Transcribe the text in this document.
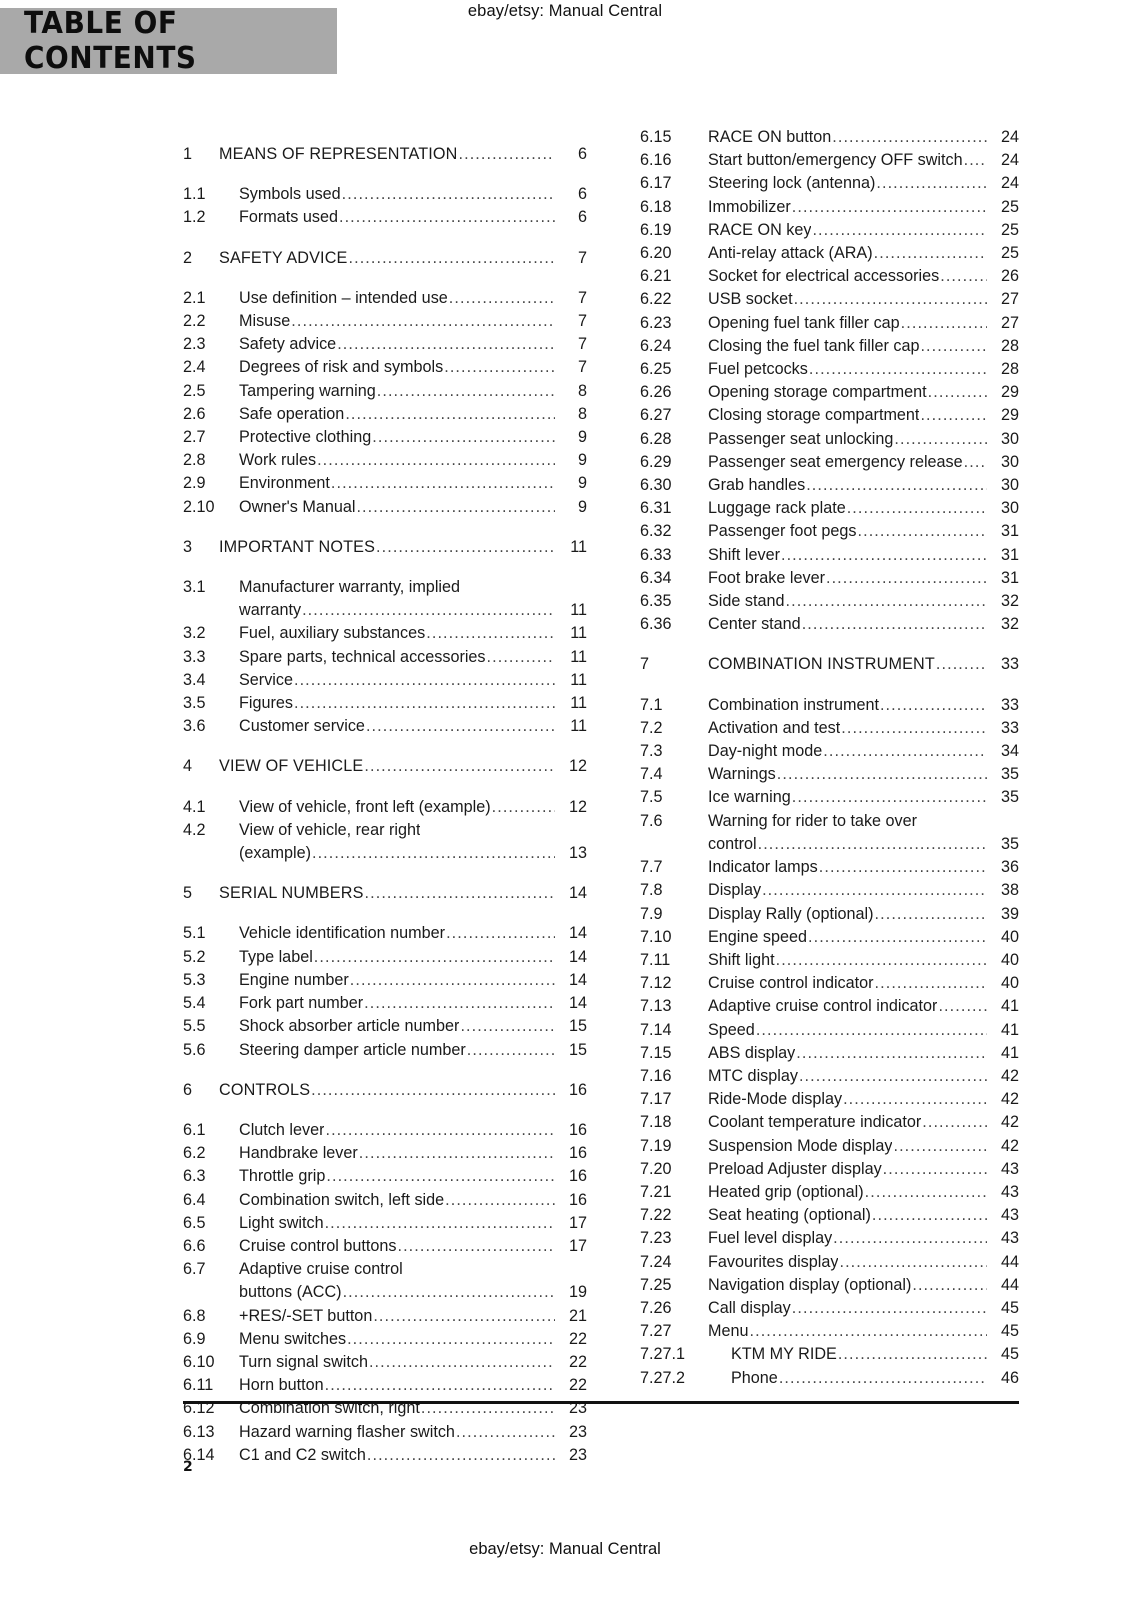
ebay/etsy: Manual Central
TABLE OF CONTENTS
1	MEANS OF REPRESENTATION .....	6
1.1	Symbols used .....	6
1.2	Formats used .....	6
2	SAFETY ADVICE .....	7
2.1	Use definition – intended use .....	7
2.2	Misuse .....	7
2.3	Safety advice .....	7
2.4	Degrees of risk and symbols .....	7
2.5	Tampering warning .....	8
2.6	Safe operation .....	8
2.7	Protective clothing .....	9
2.8	Work rules .....	9
2.9	Environment .....	9
2.10	Owner's Manual .....	9
3	IMPORTANT NOTES .....	11
3.1	Manufacturer warranty, implied
warranty .....	11
3.2	Fuel, auxiliary substances .....	11
3.3	Spare parts, technical accessories .....	11
3.4	Service .....	11
3.5	Figures .....	11
3.6	Customer service .....	11
4	VIEW OF VEHICLE .....	12
4.1	View of vehicle, front left (example) .....	12
4.2	View of vehicle, rear right
(example) .....	13
5	SERIAL NUMBERS .....	14
5.1	Vehicle identification number .....	14
5.2	Type label .....	14
5.3	Engine number .....	14
5.4	Fork part number .....	14
5.5	Shock absorber article number .....	15
5.6	Steering damper article number .....	15
6	CONTROLS .....	16
6.1	Clutch lever .....	16
6.2	Handbrake lever .....	16
6.3	Throttle grip .....	16
6.4	Combination switch, left side .....	16
6.5	Light switch .....	17
6.6	Cruise control buttons .....	17
6.7	Adaptive cruise control
buttons (ACC) .....	19
6.8	+RES/-SET button .....	21
6.9	Menu switches .....	22
6.10	Turn signal switch .....	22
6.11	Horn button .....	22
6.12	Combination switch, right .....	23
6.13	Hazard warning flasher switch .....	23
6.14	C1 and C2 switch .....	23
6.15	RACE ON button .....	24
6.16	Start button/emergency OFF switch .....	24
6.17	Steering lock (antenna) .....	24
6.18	Immobilizer .....	25
6.19	RACE ON key .....	25
6.20	Anti-relay attack (ARA) .....	25
6.21	Socket for electrical accessories .....	26
6.22	USB socket .....	27
6.23	Opening fuel tank filler cap .....	27
6.24	Closing the fuel tank filler cap .....	28
6.25	Fuel petcocks .....	28
6.26	Opening storage compartment .....	29
6.27	Closing storage compartment .....	29
6.28	Passenger seat unlocking .....	30
6.29	Passenger seat emergency release .....	30
6.30	Grab handles .....	30
6.31	Luggage rack plate .....	30
6.32	Passenger foot pegs .....	31
6.33	Shift lever .....	31
6.34	Foot brake lever .....	31
6.35	Side stand .....	32
6.36	Center stand .....	32
7	COMBINATION INSTRUMENT .....	33
7.1	Combination instrument .....	33
7.2	Activation and test .....	33
7.3	Day-night mode .....	34
7.4	Warnings .....	35
7.5	Ice warning .....	35
7.6	Warning for rider to take over
control .....	35
7.7	Indicator lamps .....	36
7.8	Display .....	38
7.9	Display Rally (optional) .....	39
7.10	Engine speed .....	40
7.11	Shift light .....	40
7.12	Cruise control indicator .....	40
7.13	Adaptive cruise control indicator .....	41
7.14	Speed .....	41
7.15	ABS display .....	41
7.16	MTC display .....	42
7.17	Ride-Mode display .....	42
7.18	Coolant temperature indicator .....	42
7.19	Suspension Mode display .....	42
7.20	Preload Adjuster display .....	43
7.21	Heated grip (optional) .....	43
7.22	Seat heating (optional) .....	43
7.23	Fuel level display .....	43
7.24	Favourites display .....	44
7.25	Navigation display (optional) .....	44
7.26	Call display .....	45
7.27	Menu .....	45
7.27.1	KTM MY RIDE .....	45
7.27.2	Phone .....	46
2
ebay/etsy: Manual Central
